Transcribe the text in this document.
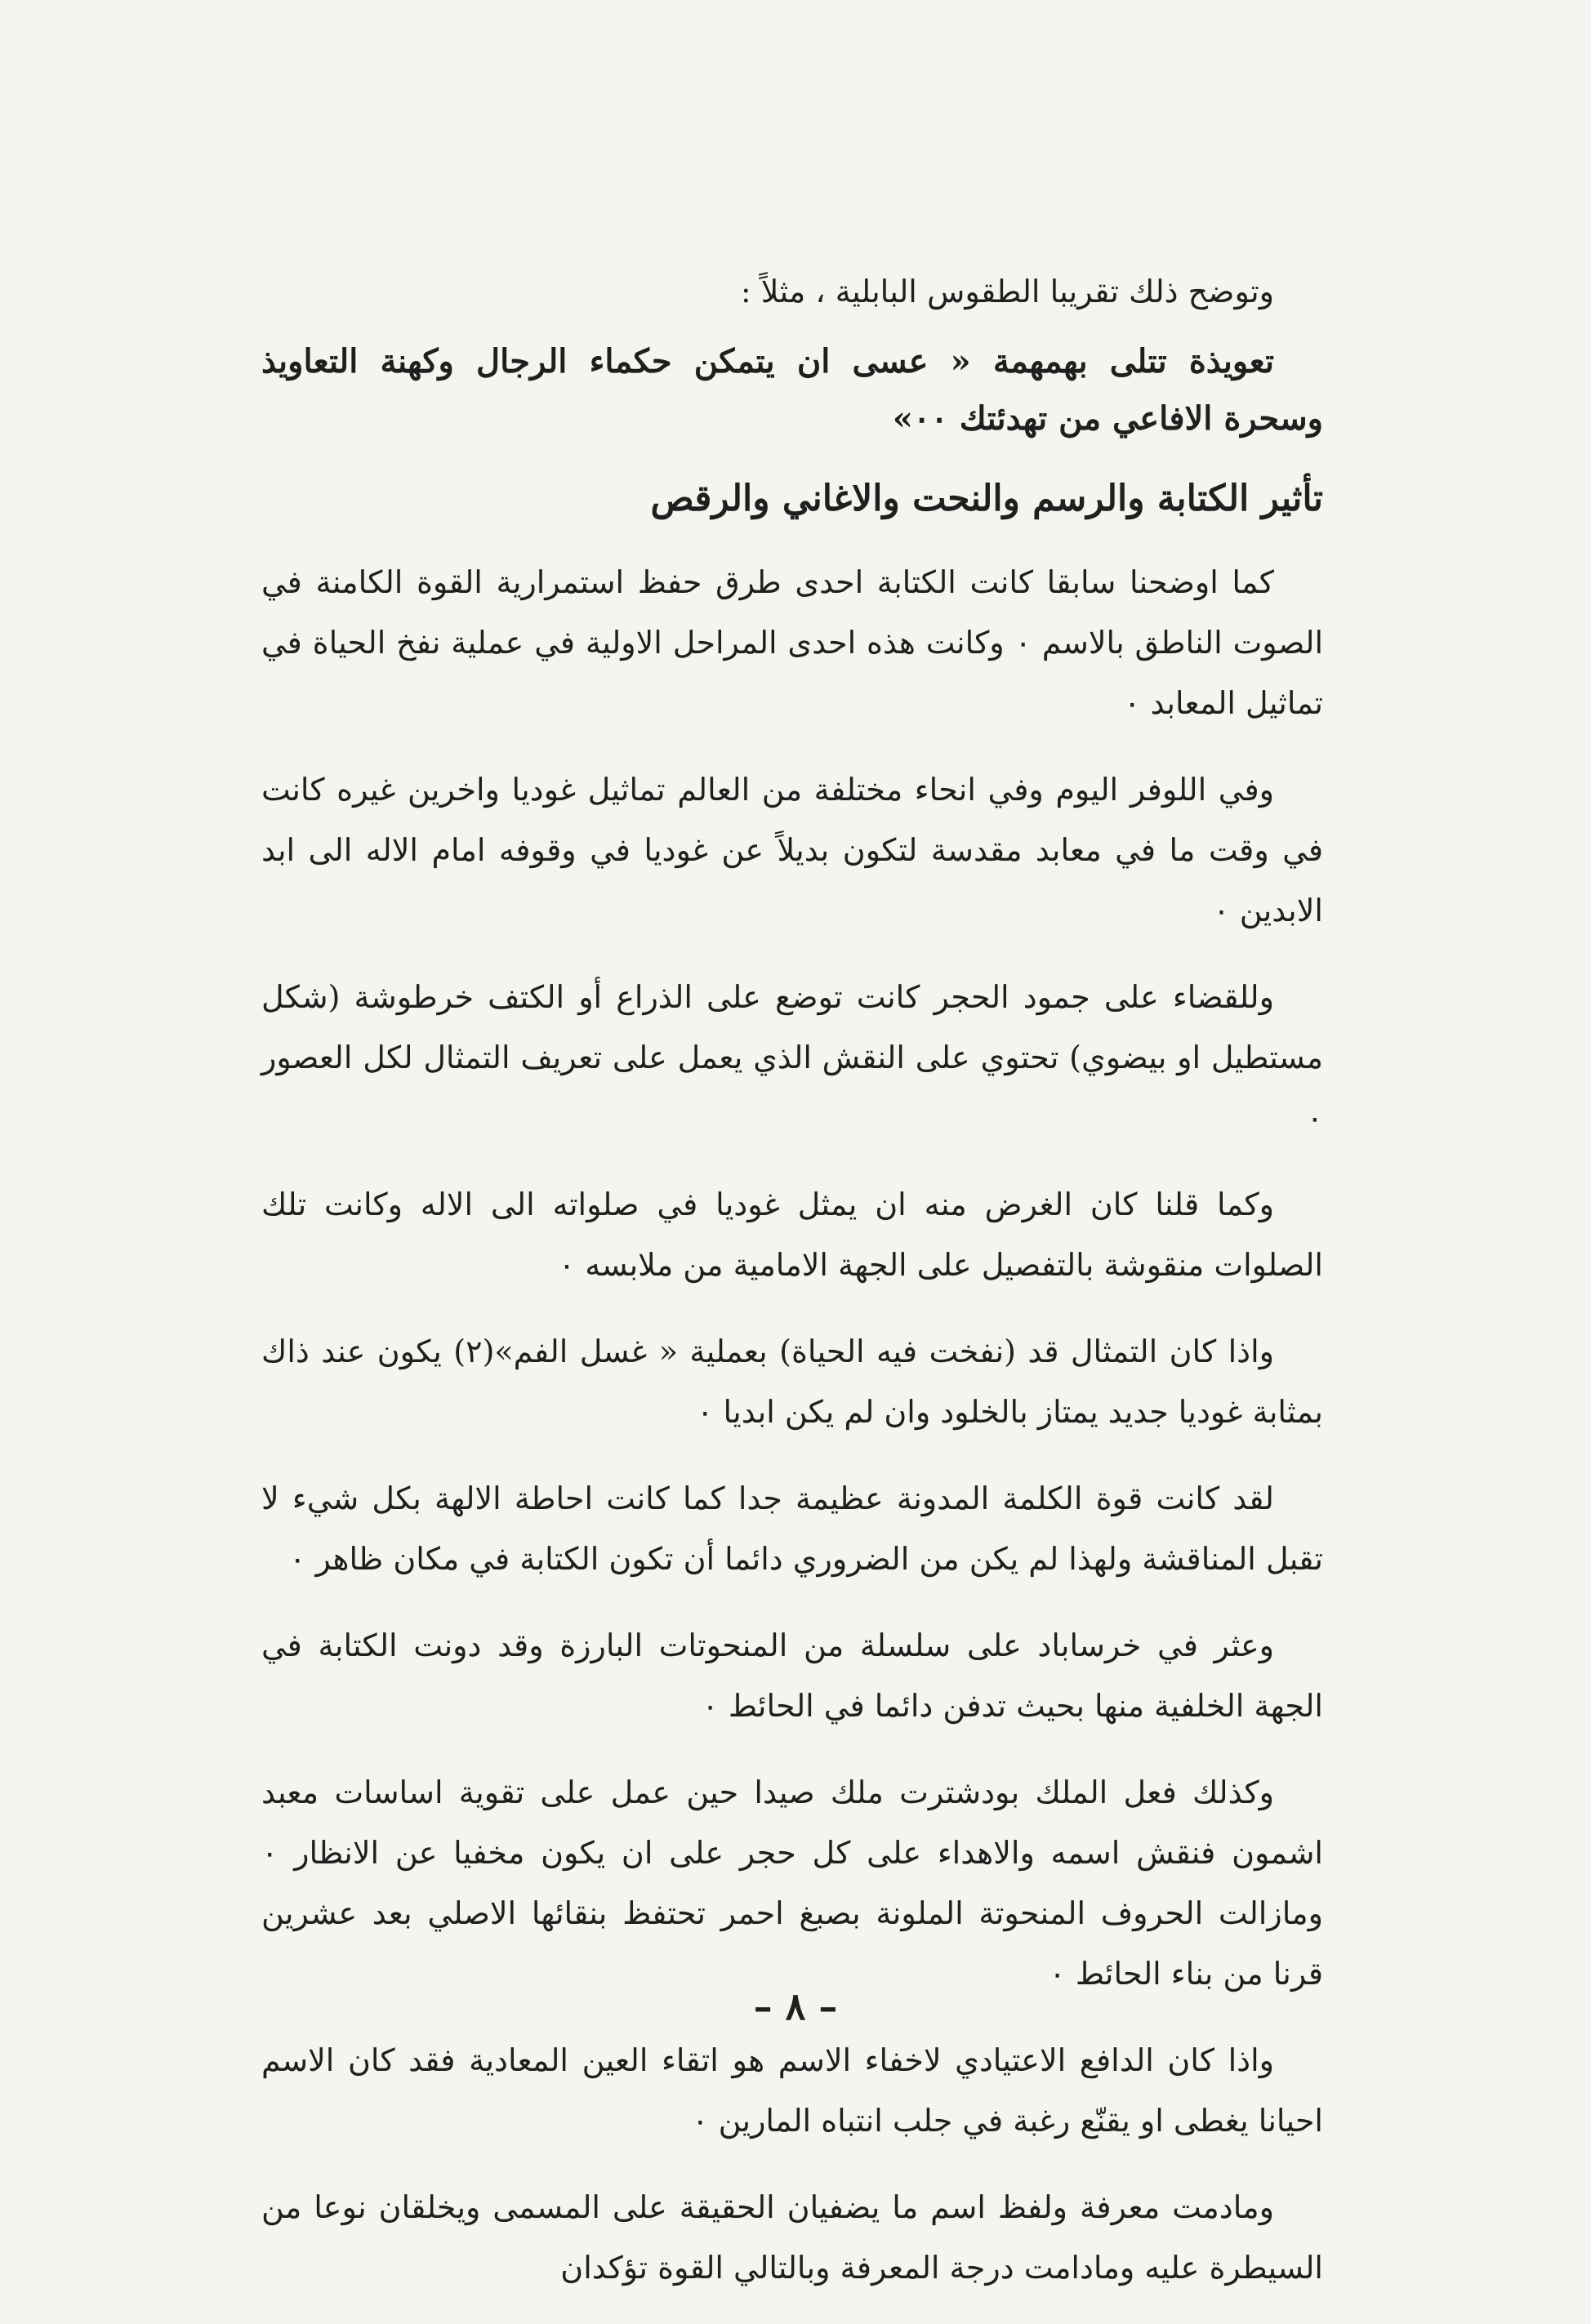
وتوضح ذلك تقريبا الطقوس البابلية ، مثلاً :

تعويذة تتلى بهمهمة « عسى ان يتمكن حكماء الرجال وكهنة التعاويذ وسحرة الافاعي من تهدئتك ٠٠»

تأثير الكتابة والرسم والنحت والاغاني والرقص

كما اوضحنا سابقا كانت الكتابة احدى طرق حفظ استمرارية القوة الكامنة في الصوت الناطق بالاسم ٠ وكانت هذه احدى المراحل الاولية في عملية نفخ الحياة في تماثيل المعابد ٠

وفي اللوفر اليوم وفي انحاء مختلفة من العالم تماثيل غوديا واخرين غيره كانت في وقت ما في معابد مقدسة لتكون بديلاً عن غوديا في وقوفه امام الاله الى ابد الابدين ٠

وللقضاء على جمود الحجر كانت توضع على الذراع أو الكتف خرطوشة (شكل مستطيل او بيضوي) تحتوي على النقش الذي يعمل على تعريف التمثال لكل العصور ٠

وكما قلنا كان الغرض منه ان يمثل غوديا في صلواته الى الاله وكانت تلك الصلوات منقوشة بالتفصيل على الجهة الامامية من ملابسه ٠

واذا كان التمثال قد (نفخت فيه الحياة) بعملية « غسل الفم»(٢) يكون عند ذاك بمثابة غوديا جديد يمتاز بالخلود وان لم يكن ابديا ٠

لقد كانت قوة الكلمة المدونة عظيمة جدا كما كانت احاطة الالهة بكل شيء لا تقبل المناقشة ولهذا لم يكن من الضروري دائما أن تكون الكتابة في مكان ظاهر ٠

وعثر في خرساباد على سلسلة من المنحوتات البارزة وقد دونت الكتابة في الجهة الخلفية منها بحيث تدفن دائما في الحائط ٠

وكذلك فعل الملك بودشترت ملك صيدا حين عمل على تقوية اساسات معبد اشمون فنقش اسمه والاهداء على كل حجر على ان يكون مخفيا عن الانظار ٠ ومازالت الحروف المنحوتة الملونة بصبغ احمر تحتفظ بنقائها الاصلي بعد عشرين قرنا من بناء الحائط ٠

واذا كان الدافع الاعتيادي لاخفاء الاسم هو اتقاء العين المعادية فقد كان الاسم احيانا يغطى او يقنّع رغبة في جلب انتباه المارين ٠

ومادمت معرفة ولفظ اسم ما يضفيان الحقيقة على المسمى ويخلقان نوعا من السيطرة عليه ومادامت درجة المعرفة وبالتالي القوة تؤكدان

– ٨ –
